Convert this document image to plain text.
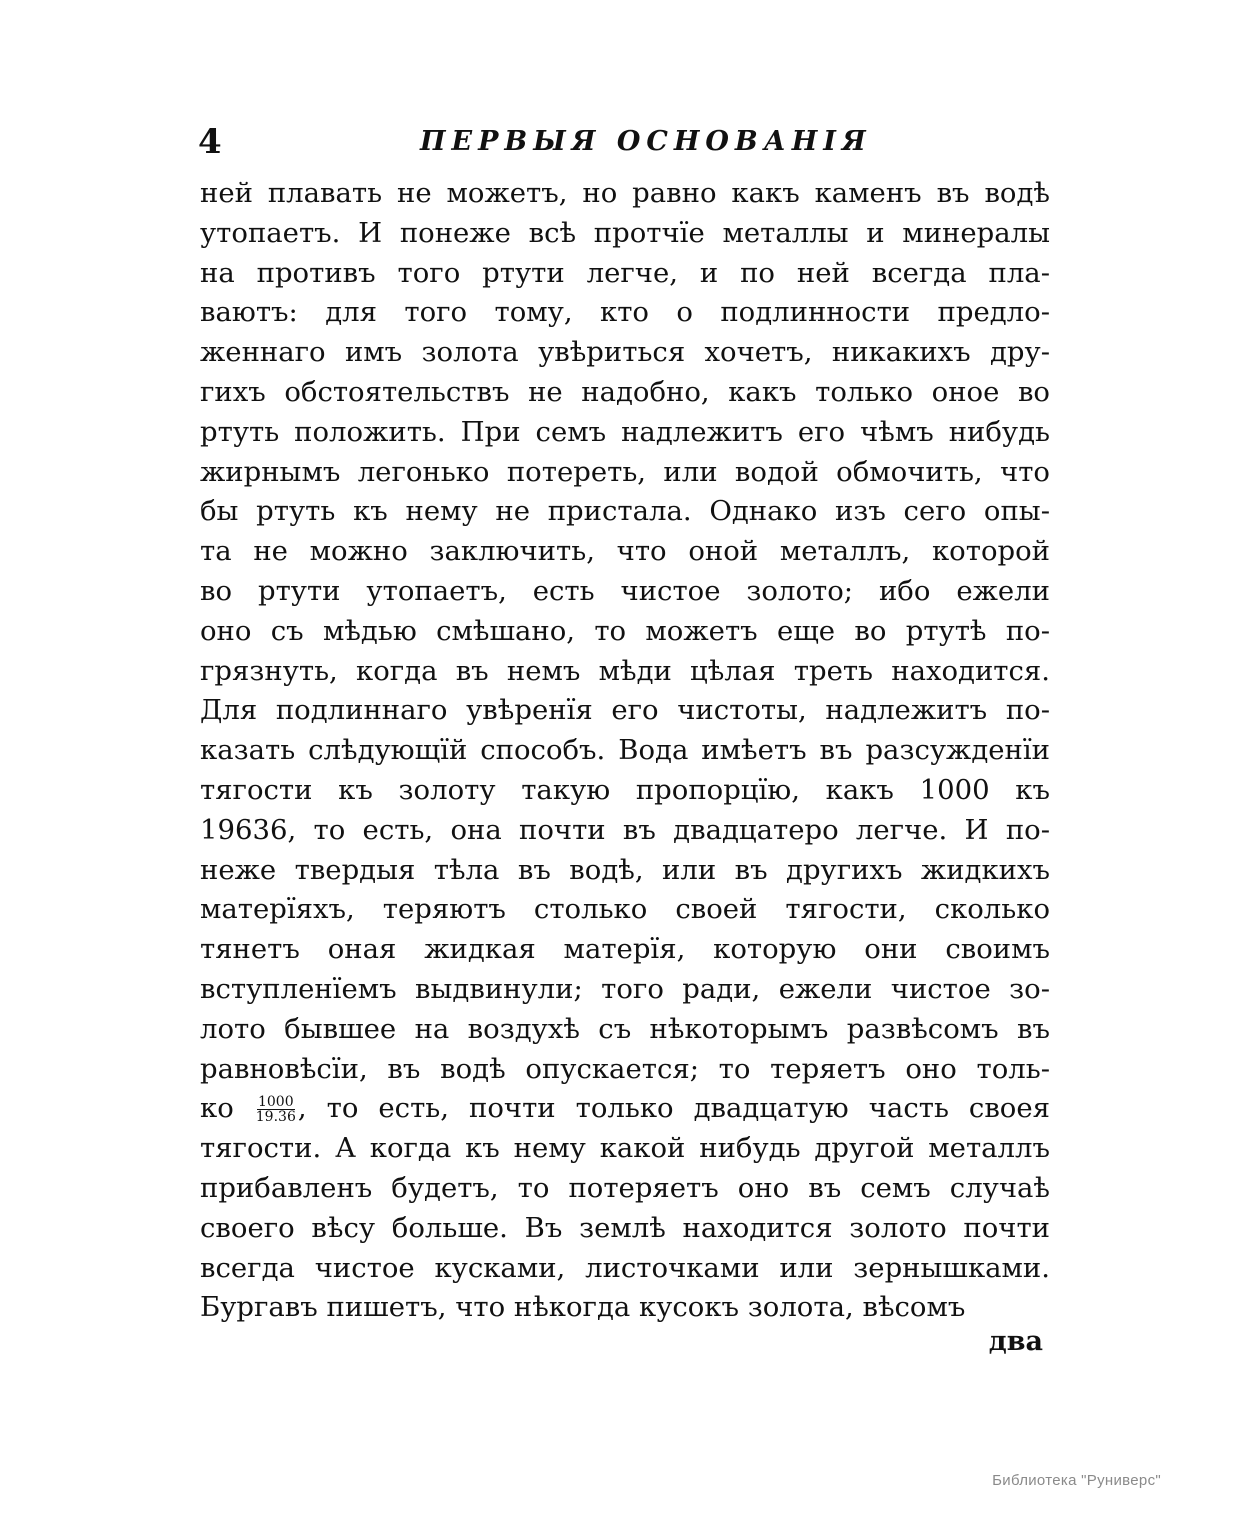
4	ПЕРВЫЯ ОСНОВАНІЯ
ней плавать не можетъ, но равно какъ каменъ въ водѣ
утопаетъ. И понеже всѣ протчїе металлы и минералы
на противъ того ртути легче, и по ней всегда пла-
ваютъ: для того тому, кто о подлинности предло-
женнаго имъ золота увѣриться хочетъ, никакихъ дру-
гихъ обстоятельствъ не надобно, какъ только оное во
ртуть положить. При семъ надлежитъ его чѣмъ нибудь
жирнымъ легонько потереть, или водой обмочить, что
бы ртуть къ нему не пристала. Однако изъ сего опы-
та не можно заключить, что оной металлъ, которой
во ртути утопаетъ, есть чистое золото; ибо ежели
оно съ мѣдью смѣшано, то можетъ еще во ртутѣ по-
грязнуть, когда въ немъ мѣди цѣлая треть находится.
Для подлиннаго увѣренїя его чистоты, надлежитъ по-
казать слѣдующїй способъ. Вода имѣетъ въ разсужденїи
тягости къ золоту такую пропорцїю, какъ 1000 къ
19636, то есть, она почти въ двадцатеро легче. И по-
неже твердыя тѣла въ водѣ, или въ другихъ жидкихъ
матерїяхъ, теряютъ столько своей тягости, сколько
тянетъ оная жидкая матерїя, которую они своимъ
вступленїемъ выдвинули; того ради, ежели чистое зо-
лото бывшее на воздухѣ съ нѣкоторымъ развѣсомъ въ
равновѣсїи, въ водѣ опускается; то теряетъ оно толь-
ко $\frac{1000}{19.36}$ , то есть, почти только двадцатую часть своея
тягости. А когда къ нему какой нибудь другой металлъ
прибавленъ будетъ, то потеряетъ оно въ семъ случаѣ
своего вѣсу больше. Въ землѣ находится золото почти
всегда чистое кусками, листочками или зернышками.
Бургавъ пишетъ, что нѣкогда кусокъ золота, вѣсомъ
два
Библиотека "Руниверс"
